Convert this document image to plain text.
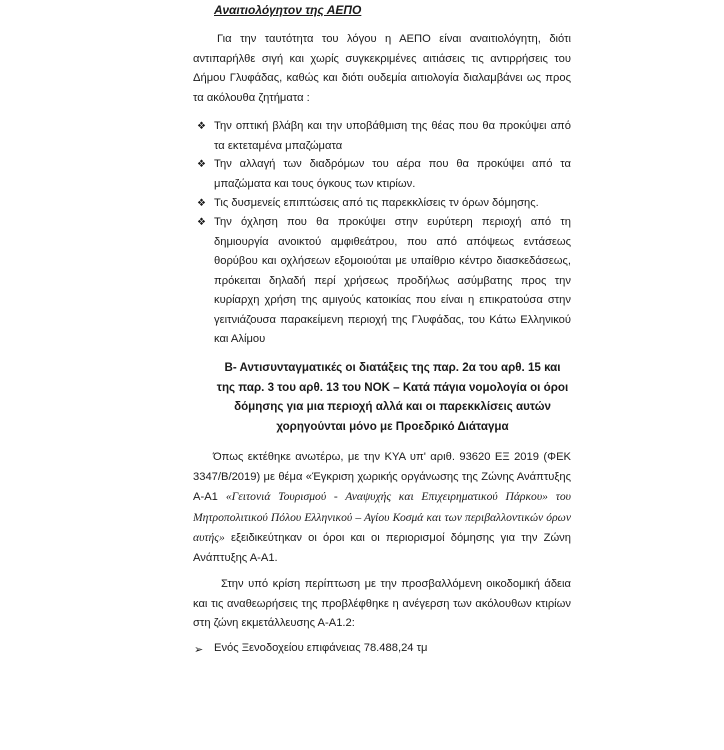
Αναιτιολόγητον της ΑΕΠΟ
Για την ταυτότητα του λόγου η ΑΕΠΟ είναι αναιτιολόγητη, διότι αντιπαρήλθε σιγή και χωρίς συγκεκριμένες αιτιάσεις τις αντιρρήσεις του Δήμου Γλυφάδας, καθώς και διότι ουδεμία αιτιολογία διαλαμβάνει ως προς τα ακόλουθα ζητήματα :
❖ Την οπτική βλάβη και την υποβάθμιση της θέας που θα προκύψει από τα εκτεταμένα μπαζώματα
❖ Την αλλαγή των διαδρόμων του αέρα που θα προκύψει από τα μπαζώματα και τους όγκους των κτιρίων.
❖ Τις δυσμενείς επιπτώσεις από τις παρεκκλίσεις τν όρων δόμησης.
❖ Την όχληση που θα προκύψει στην ευρύτερη περιοχή από τη δημιουργία ανοικτού αμφιθεάτρου, που από απόψεως εντάσεως θορύβου και οχλήσεων εξομοιούται με υπαίθριο κέντρο διασκεδάσεως, πρόκειται δηλαδή περί χρήσεως προδήλως ασύμβατης προς την κυρίαρχη χρήση της αμιγούς κατοικίας που είναι η επικρατούσα στην γειτνιάζουσα παρακείμενη περιοχή της Γλυφάδας, του Κάτω Ελληνικού και Αλίμου
Β- Αντισυνταγματικές οι διατάξεις της παρ. 2α του αρθ. 15 και της παρ. 3 του αρθ. 13 του ΝΟΚ – Κατά πάγια νομολογία οι όροι δόμησης για μια περιοχή αλλά και οι παρεκκλίσεις αυτών χορηγούνται μόνο με Προεδρικό Διάταγμα
Όπως εκτέθηκε ανωτέρω, με την ΚΥΑ υπ' αριθ. 93620 ΕΞ 2019 (ΦΕΚ 3347/Β/2019) με θέμα «Έγκριση χωρικής οργάνωσης της Ζώνης Ανάπτυξης Α-Α1 «Γειτονιά Τουρισμού - Αναψυχής και Επιχειρηματικού Πάρκου» του Μητροπολιτικού Πόλου Ελληνικού – Αγίου Κοσμά και των περιβαλλοντικών όρων αυτής» εξειδικεύτηκαν οι όροι και οι περιορισμοί δόμησης για την Ζώνη Ανάπτυξης Α-Α1.
Στην υπό κρίση περίπτωση με την προσβαλλόμενη οικοδομική άδεια και τις αναθεωρήσεις της προβλέφθηκε η ανέγερση των ακόλουθων κτιρίων στη ζώνη εκμετάλλευσης Α-Α1.2:
➢ Ενός Ξενοδοχείου επιφάνειας 78.488,24 τμ
